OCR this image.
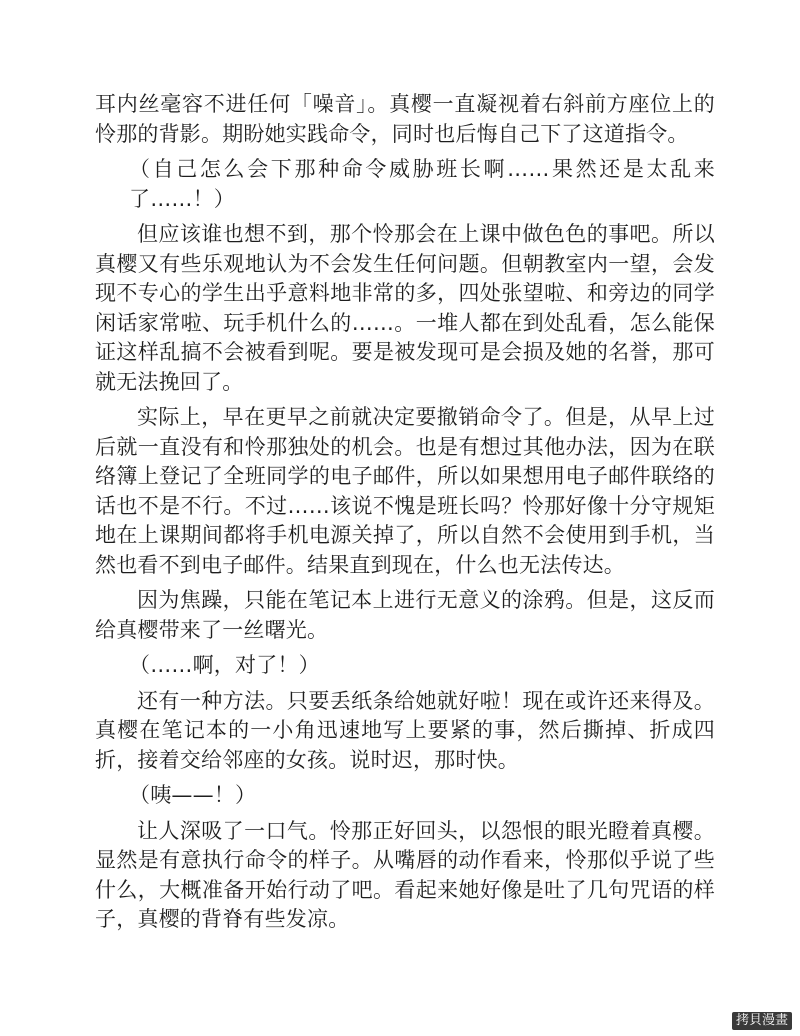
耳内丝毫容不进任何「噪音」。真樱一直凝视着右斜前方座位上的怜那的背影。期盼她实践命令，同时也后悔自己下了这道指令。

（自己怎么会下那种命令威胁班长啊……果然还是太乱来了……！）

但应该谁也想不到，那个怜那会在上课中做色色的事吧。所以真樱又有些乐观地认为不会发生任何问题。但朝教室内一望，会发现不专心的学生出乎意料地非常的多，四处张望啦、和旁边的同学闲话家常啦、玩手机什么的……。一堆人都在到处乱看，怎么能保证这样乱搞不会被看到呢。要是被发现可是会损及她的名誉，那可就无法挽回了。

实际上，早在更早之前就决定要撤销命令了。但是，从早上过后就一直没有和怜那独处的机会。也是有想过其他办法，因为在联络簿上登记了全班同学的电子邮件，所以如果想用电子邮件联络的话也不是不行。不过……该说不愧是班长吗？怜那好像十分守规矩地在上课期间都将手机电源关掉了，所以自然不会使用到手机，当然也看不到电子邮件。结果直到现在，什么也无法传达。

因为焦躁，只能在笔记本上进行无意义的涂鸦。但是，这反而给真樱带来了一丝曙光。

（……啊，对了！）

还有一种方法。只要丢纸条给她就好啦！现在或许还来得及。真樱在笔记本的一小角迅速地写上要紧的事，然后撕掉、折成四折，接着交给邻座的女孩。说时迟，那时快。

（咦——！）

让人深吸了一口气。怜那正好回头，以怨恨的眼光瞪着真樱。显然是有意执行命令的样子。从嘴唇的动作看来，怜那似乎说了些什么，大概准备开始行动了吧。看起来她好像是吐了几句咒语的样子，真樱的背脊有些发凉。

拷貝漫畫
